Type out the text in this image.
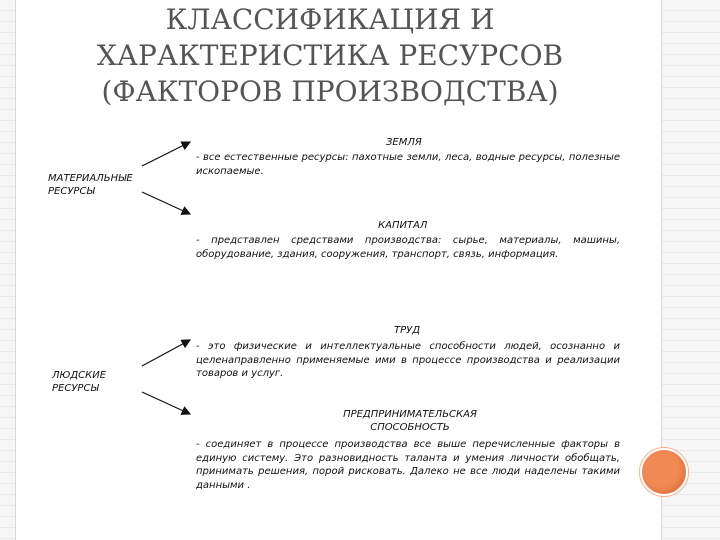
КЛАССИФИКАЦИЯ И
ХАРАКТЕРИСТИКА РЕСУРСОВ
(ФАКТОРОВ ПРОИЗВОДСТВА)
МАТЕРИАЛЬНЫЕ
РЕСУРСЫ
ЛЮДСКИЕ
РЕСУРСЫ
ЗЕМЛЯ
- все естественные ресурсы: пахотные земли, леса, водные ресурсы, полезные ископаемые.
КАПИТАЛ
- представлен средствами производства: сырье, материалы, машины, оборудование, здания, сооружения, транспорт, связь, информация.
ТРУД
- это физические и интеллектуальные способности людей, осознанно и целенаправленно применяемые ими в процессе производства и реализации товаров и услуг.
ПРЕДПРИНИМАТЕЛЬСКАЯ
СПОСОБНОСТЬ
- соединяет в процессе производства все выше перечисленные факторы в единую систему. Это разновидность таланта и умения личности обобщать, принимать решения, порой рисковать. Далеко не все люди наделены такими данными .
